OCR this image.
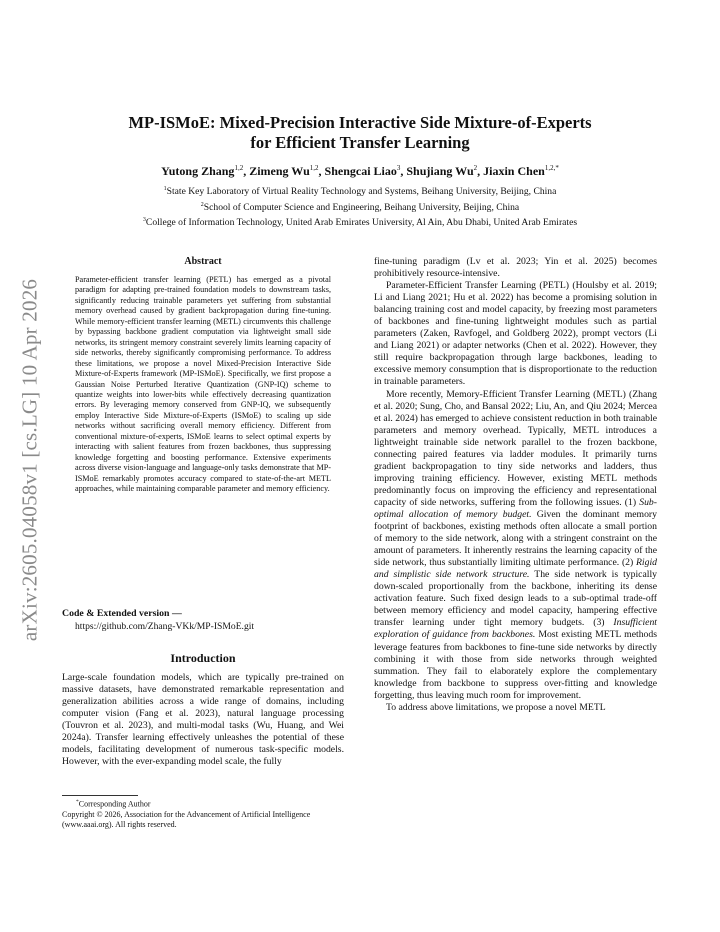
arXiv:2605.04058v1 [cs.LG] 10 Apr 2026
MP-ISMoE: Mixed-Precision Interactive Side Mixture-of-Experts
for Efficient Transfer Learning
Yutong Zhang$^{1,2}$, Zimeng Wu$^{1,2}$, Shengcai Liao$^3$, Shujiang Wu$^2$, Jiaxin Chen$^{1,2,*}$
$^1$State Key Laboratory of Virtual Reality Technology and Systems, Beihang University, Beijing, China
$^2$School of Computer Science and Engineering, Beihang University, Beijing, China
$^3$College of Information Technology, United Arab Emirates University, Al Ain, Abu Dhabi, United Arab Emirates
Abstract
Parameter-efficient transfer learning (PETL) has emerged as a pivotal paradigm for adapting pre-trained foundation models to downstream tasks, significantly reducing trainable parameters yet suffering from substantial memory overhead caused by gradient backpropagation during fine-tuning. While memory-efficient transfer learning (METL) circumvents this challenge by bypassing backbone gradient computation via lightweight small side networks, its stringent memory constraint severely limits learning capacity of side networks, thereby significantly compromising performance. To address these limitations, we propose a novel Mixed-Precision Interactive Side Mixture-of-Experts framework (MP-ISMoE). Specifically, we first propose a Gaussian Noise Perturbed Iterative Quantization (GNP-IQ) scheme to quantize weights into lower-bits while effectively decreasing quantization errors. By leveraging memory conserved from GNP-IQ, we subsequently employ Interactive Side Mixture-of-Experts (ISMoE) to scaling up side networks without sacrificing overall memory efficiency. Different from conventional mixture-of-experts, ISMoE learns to select optimal experts by interacting with salient features from frozen backbones, thus suppressing knowledge forgetting and boosting performance. Extensive experiments across diverse vision-language and language-only tasks demonstrate that MP-ISMoE remarkably promotes accuracy compared to state-of-the-art METL approaches, while maintaining comparable parameter and memory efficiency.
Code & Extended version —
https://github.com/Zhang-VKk/MP-ISMoE.git
Introduction

Large-scale foundation models, which are typically pre-trained on massive datasets, have demonstrated remarkable representation and generalization abilities across a wide range of domains, including computer vision (Fang et al. 2023), natural language processing (Touvron et al. 2023), and multi-modal tasks (Wu, Huang, and Wei 2024a). Transfer learning effectively unleashes the potential of these models, facilitating development of numerous task-specific models. However, with the ever-expanding model scale, the fully

*Corresponding Author
Copyright © 2026, Association for the Advancement of Artificial Intelligence (www.aaai.org). All rights reserved.

fine-tuning paradigm (Lv et al. 2023; Yin et al. 2025) becomes prohibitively resource-intensive.

Parameter-Efficient Transfer Learning (PETL) (Houlsby et al. 2019; Li and Liang 2021; Hu et al. 2022) has become a promising solution in balancing training cost and model capacity, by freezing most parameters of backbones and fine-tuning lightweight modules such as partial parameters (Zaken, Ravfogel, and Goldberg 2022), prompt vectors (Li and Liang 2021) or adapter networks (Chen et al. 2022). However, they still require backpropagation through large backbones, leading to excessive memory consumption that is disproportionate to the reduction in trainable parameters.

More recently, Memory-Efficient Transfer Learning (METL) (Zhang et al. 2020; Sung, Cho, and Bansal 2022; Liu, An, and Qiu 2024; Mercea et al. 2024) has emerged to achieve consistent reduction in both trainable parameters and memory overhead. Typically, METL introduces a lightweight trainable side network parallel to the frozen backbone, connecting paired features via ladder modules. It primarily turns gradient backpropagation to tiny side networks and ladders, thus improving training efficiency. However, existing METL methods predominantly focus on improving the efficiency and representational capacity of side networks, suffering from the following issues. (1) Sub-optimal allocation of memory budget. Given the dominant memory footprint of backbones, existing methods often allocate a small portion of memory to the side network, along with a stringent constraint on the amount of parameters. It inherently restrains the learning capacity of the side network, thus substantially limiting ultimate performance. (2) Rigid and simplistic side network structure. The side network is typically down-scaled proportionally from the backbone, inheriting its dense activation feature. Such fixed design leads to a sub-optimal trade-off between memory efficiency and model capacity, hampering effective transfer learning under tight memory budgets. (3) Insufficient exploration of guidance from backbones. Most existing METL methods leverage features from backbones to fine-tune side networks by directly combining it with those from side networks through weighted summation. They fail to elaborately explore the complementary knowledge from backbone to suppress over-fitting and knowledge forgetting, thus leaving much room for improvement.

To address above limitations, we propose a novel METL
